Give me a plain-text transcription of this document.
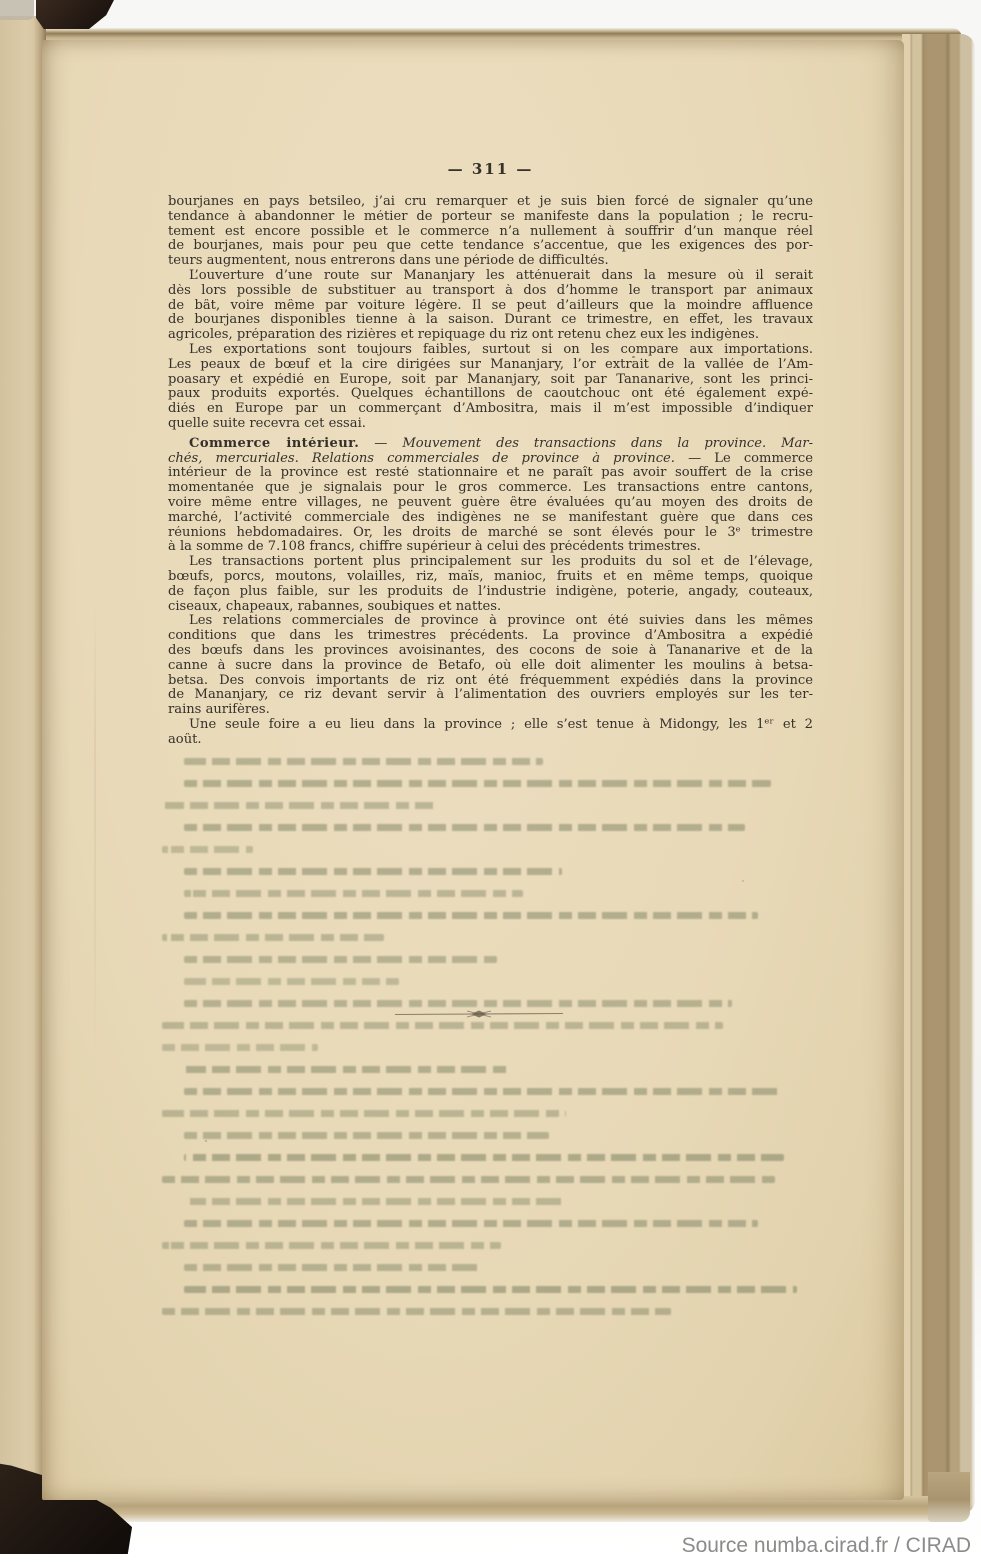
— 311 —
bourjanes en pays betsileo, j’ai cru remarquer et je suis bien forcé de signaler qu’une
tendance à abandonner le métier de porteur se manifeste dans la population ; le recru-
tement est encore possible et le commerce n’a nullement à souffrir d’un manque réel
de bourjanes, mais pour peu que cette tendance s’accentue, que les exigences des por-
teurs augmentent, nous entrerons dans une période de difficultés.
L’ouverture d’une route sur Mananjary les atténuerait dans la mesure où il serait
dès lors possible de substituer au transport à dos d’homme le transport par animaux
de bât, voire même par voiture légère. Il se peut d’ailleurs que la moindre affluence
de bourjanes disponibles tienne à la saison. Durant ce trimestre, en effet, les travaux
agricoles, préparation des rizières et repiquage du riz ont retenu chez eux les indigènes.
Les exportations sont toujours faibles, surtout si on les compare aux importations.
Les peaux de bœuf et la cire dirigées sur Mananjary, l’or extrait de la vallée de l’Am-
poasary et expédié en Europe, soit par Mananjary, soit par Tananarive, sont les princi-
paux produits exportés. Quelques échantillons de caoutchouc ont été également expé-
diés en Europe par un commerçant d’Ambositra, mais il m’est impossible d’indiquer
quelle suite recevra cet essai.
Commerce intérieur. — Mouvement des transactions dans la province. Mar-
chés, mercuriales. Relations commerciales de province à province. — Le commerce
intérieur de la province est resté stationnaire et ne paraît pas avoir souffert de la crise
momentanée que je signalais pour le gros commerce. Les transactions entre cantons,
voire même entre villages, ne peuvent guère être évaluées qu’au moyen des droits de
marché, l’activité commerciale des indigènes ne se manifestant guère que dans ces
réunions hebdomadaires. Or, les droits de marché se sont élevés pour le 3ᵉ trimestre
à la somme de 7.108 francs, chiffre supérieur à celui des précédents trimestres.
Les transactions portent plus principalement sur les produits du sol et de l’élevage,
bœufs, porcs, moutons, volailles, riz, maïs, manioc, fruits et en même temps, quoique
de façon plus faible, sur les produits de l’industrie indigène, poterie, angady, couteaux,
ciseaux, chapeaux, rabannes, soubiques et nattes.
Les relations commerciales de province à province ont été suivies dans les mêmes
conditions que dans les trimestres précédents. La province d’Ambositra a expédié
des bœufs dans les provinces avoisinantes, des cocons de soie à Tananarive et de la
canne à sucre dans la province de Betafo, où elle doit alimenter les moulins à betsa-
betsa. Des convois importants de riz ont été fréquemment expédiés dans la province
de Mananjary, ce riz devant servir à l’alimentation des ouvriers employés sur les ter-
rains aurifères.
Une seule foire a eu lieu dans la province ; elle s’est tenue à Midongy, les 1ᵉʳ et 2
août.
Source numba.cirad.fr / CIRAD
